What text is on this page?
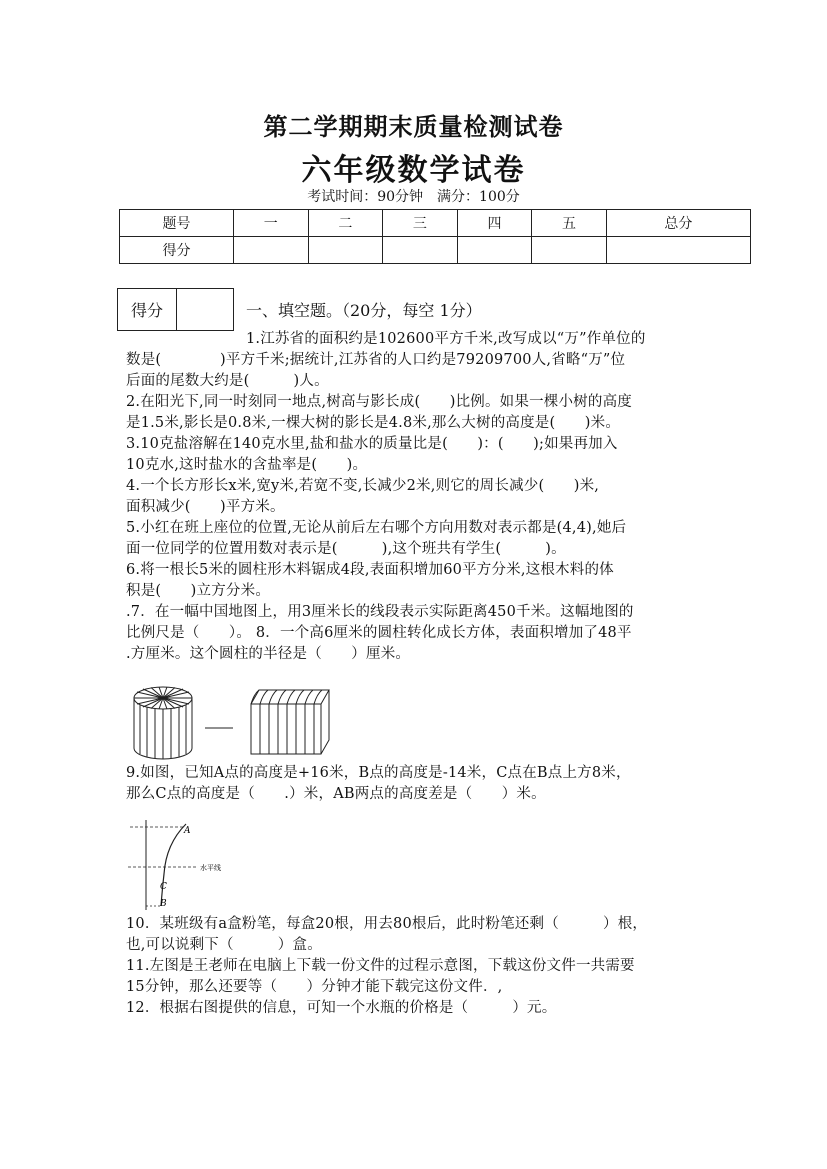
第二学期期末质量检测试卷
六年级数学试卷
考试时间：90分钟　满分：100分
题号	一	二	三	四	五	总分
得分						
得分	一、填空题。（20分，每空 1分）

1.江苏省的面积约是102600平方千米,改写成以“万”作单位的

数是(　　　　)平方千米;据统计,江苏省的人口约是79209700人,省略“万”位

后面的尾数大约是(　　　)人。

2.在阳光下,同一时刻同一地点,树高与影长成(　　)比例。如果一棵小树的高度

是1.5米,影长是0.8米,一棵大树的影长是4.8米,那么大树的高度是(　　)米。

3.10克盐溶解在140克水里,盐和盐水的质量比是(　　)：(　　);如果再加入

10克水,这时盐水的含盐率是(　　)。

4.一个长方形长x米,宽y米,若宽不变,长减少2米,则它的周长减少(　　)米,

面积减少(　　)平方米。

5.小红在班上座位的位置,无论从前后左右哪个方向用数对表示都是(4,4),她后

面一位同学的位置用数对表示是(　　　),这个班共有学生(　　　)。

6.将一根长5米的圆柱形木料锯成4段,表面积增加60平方分米,这根木料的体

积是(　　)立方分米。

.7．在一幅中国地图上，用3厘米长的线段表示实际距离450千米。这幅地图的

比例尺是（　　）。 8．一个高6厘米的圆柱转化成长方体，表面积增加了48平

.方厘米。这个圆柱的半径是（　　）厘米。

9.如图，已知A点的高度是+16米，B点的高度是-14米，C点在B点上方8米，

那么C点的高度是（　　.）米，AB两点的高度差是（　　）米。

A
水平线
C
B

10．某班级有a盒粉笔，每盒20根，用去80根后，此时粉笔还剩（　　　）根，

也,可以说剩下（　　　）盒。

11.左图是王老师在电脑上下载一份文件的过程示意图，下载这份文件一共需要

15分钟，那么还要等（　　）分钟才能下载完这份文件．,

12．根据右图提供的信息，可知一个水瓶的价格是（　　　）元。
